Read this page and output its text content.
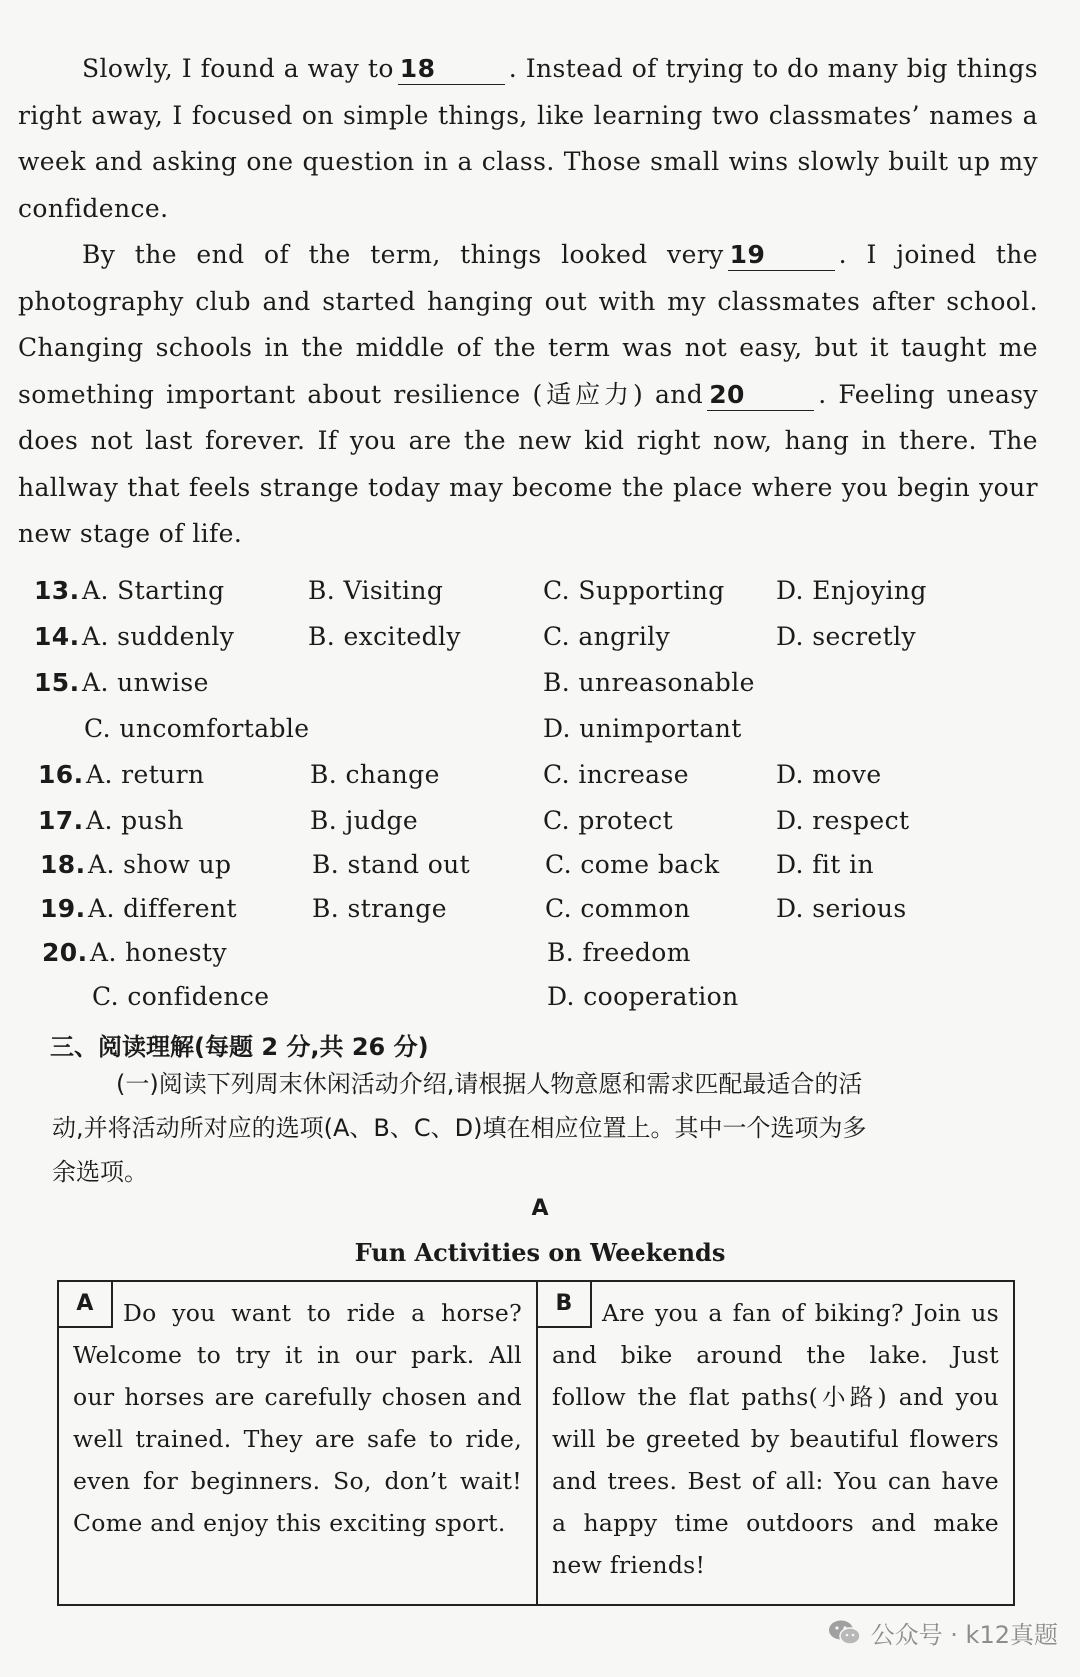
Slowly, I found a way to 18	. Instead of trying to do many big things right away, I focused on simple things, like learning two classmates’ names a week and asking one question in a class. Those small wins slowly built up my confidence.
By the end of the term, things looked very 19	. I joined the photography club and started hanging out with my classmates after school. Changing schools in the middle of the term was not easy, but it taught me something important about resilience (适应力) and 20	. Feeling uneasy does not last forever. If you are the new kid right now, hang in there. The hallway that feels strange today may become the place where you begin your new stage of life.
13. A. Starting	B. Visiting	C. Supporting D. Enjoying
14. A. suddenly	B. excitedly	C. angrily	D. secretly
15. A. unwise	B. unreasonable
C. uncomfortable	D. unimportant
16. A. return	B. change	C. increase	D. move
17. A. push	B. judge	C. protect	D. respect
18. A. show up	B. stand out	C. come back D. fit in
19. A. different	B. strange	C. common	D. serious
20. A. honesty	B. freedom
C. confidence	D. cooperation
三、阅读理解(每题 2 分,共 26 分)
(一)阅读下列周末休闲活动介绍,请根据人物意愿和需求匹配最适合的活动,并将活动所对应的选项(A、B、C、D)填在相应位置上。其中一个选项为多余选项。
A
Fun Activities on Weekends
A	Do you want to ride a horse? Welcome to try it in our park. All our horses are carefully chosen and well trained. They are safe to ride, even for beginners. So, don’t wait! Come and enjoy this exciting sport.
B	Are you a fan of biking? Join us and bike around the lake. Just follow the flat paths(小路) and you will be greeted by beautiful flowers and trees. Best of all: You can have a happy time outdoors and make new friends!
公众号 · k12真题
